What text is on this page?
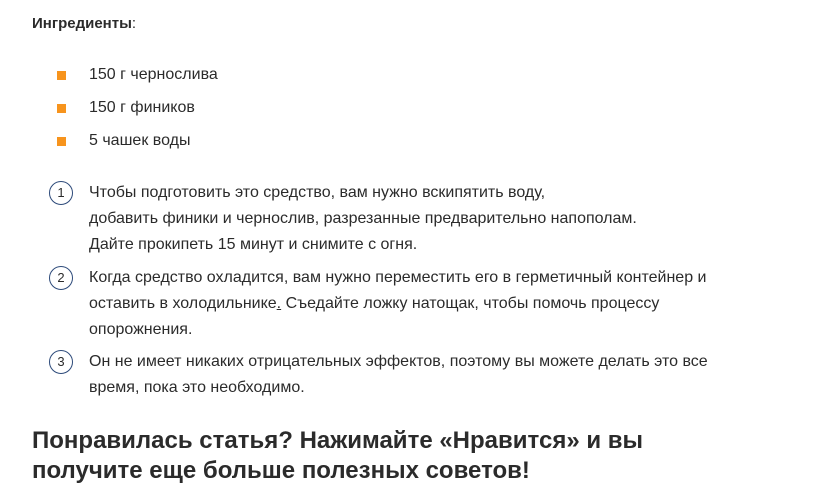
Ингредиенты:
150 г чернослива
150 г фиников
5 чашек воды
1	Чтобы подготовить это средство, вам нужно вскипятить воду,
добавить финики и чернослив, разрезанные предварительно напополам.
Дайте прокипеть 15 минут и снимите с огня.
2	Когда средство охладится, вам нужно переместить его в герметичный контейнер и
оставить в холодильнике. Съедайте ложку натощак, чтобы помочь процессу
опорожнения.
3	Он не имеет никаких отрицательных эффектов, поэтому вы можете делать это все
время, пока это необходимо.
Понравилась статья? Нажимайте «Нравится» и вы
получите еще больше полезных советов!
